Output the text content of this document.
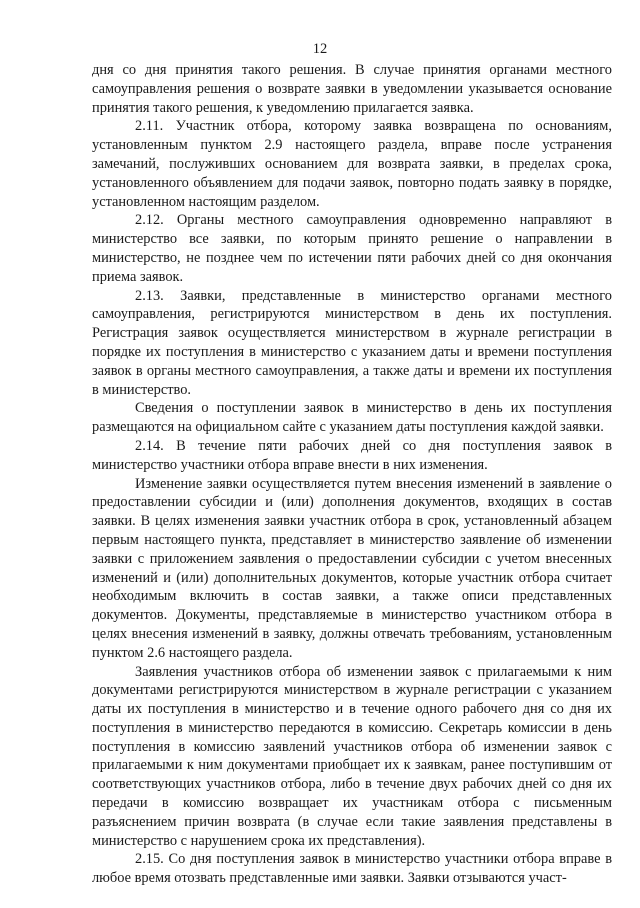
12

дня со дня принятия такого решения. В случае принятия органами местного самоуправления решения о возврате заявки в уведомлении указывается основание принятия такого решения, к уведомлению прилагается заявка.

2.11. Участник отбора, которому заявка возвращена по основаниям, установленным пунктом 2.9 настоящего раздела, вправе после устранения замечаний, послуживших основанием для возврата заявки, в пределах срока, установленного объявлением для подачи заявок, повторно подать заявку в порядке, установленном настоящим разделом.

2.12. Органы местного самоуправления одновременно направляют в министерство все заявки, по которым принято решение о направлении в министерство, не позднее чем по истечении пяти рабочих дней со дня окончания приема заявок.

2.13. Заявки, представленные в министерство органами местного самоуправления, регистрируются министерством в день их поступления. Регистрация заявок осуществляется министерством в журнале регистрации в порядке их поступления в министерство с указанием даты и времени поступления заявок в органы местного самоуправления, а также даты и времени их поступления в министерство.

Сведения о поступлении заявок в министерство в день их поступления размещаются на официальном сайте с указанием даты поступления каждой заявки.

2.14. В течение пяти рабочих дней со дня поступления заявок в министерство участники отбора вправе внести в них изменения.

Изменение заявки осуществляется путем внесения изменений в заявление о предоставлении субсидии и (или) дополнения документов, входящих в состав заявки. В целях изменения заявки участник отбора в срок, установленный абзацем первым настоящего пункта, представляет в министерство заявление об изменении заявки с приложением заявления о предоставлении субсидии с учетом внесенных изменений и (или) дополнительных документов, которые участник отбора считает необходимым включить в состав заявки, а также описи представленных документов. Документы, представляемые в министерство участником отбора в целях внесения изменений в заявку, должны отвечать требованиям, установленным пунктом 2.6 настоящего раздела.

Заявления участников отбора об изменении заявок с прилагаемыми к ним документами регистрируются министерством в журнале регистрации с указанием даты их поступления в министерство и в течение одного рабочего дня со дня их поступления в министерство передаются в комиссию. Секретарь комиссии в день поступления в комиссию заявлений участников отбора об изменении заявок с прилагаемыми к ним документами приобщает их к заявкам, ранее поступившим от соответствующих участников отбора, либо в течение двух рабочих дней со дня их передачи в комиссию возвращает их участникам отбора с письменным разъяснением причин возврата (в случае если такие заявления представлены в министерство с нарушением срока их представления).

2.15. Со дня поступления заявок в министерство участники отбора вправе в любое время отозвать представленные ими заявки. Заявки отзываются участ-
